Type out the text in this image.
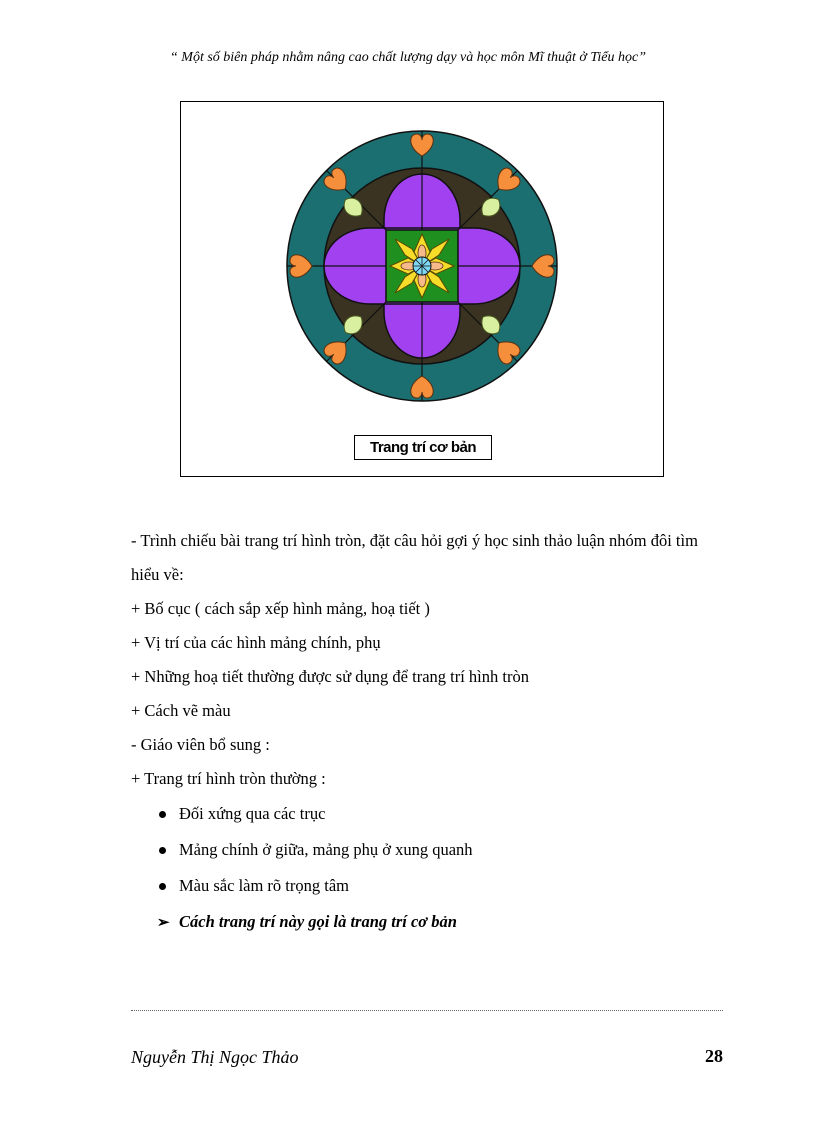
“ Một số biên pháp nhằm nâng cao chất lượng dạy và học môn Mĩ thuật ở Tiểu học”
Trang trí cơ bản
- Trình chiếu bài trang trí hình tròn, đặt câu hỏi gợi ý học sinh thảo luận nhóm đôi tìm hiểu về:
+ Bố cục ( cách sắp xếp hình mảng, hoạ tiết )
+ Vị trí của các hình mảng chính, phụ
+ Những hoạ tiết thường được sử dụng để trang trí hình tròn
+ Cách vẽ màu
- Giáo viên bổ sung :
+ Trang trí hình tròn thường :
Đối xứng qua các trục
Mảng chính ở giữa, mảng phụ ở xung quanh
Màu sắc làm rõ trọng tâm
➢ Cách trang trí này gọi là trang trí cơ bản
Nguyễn Thị Ngọc Thảo	28
